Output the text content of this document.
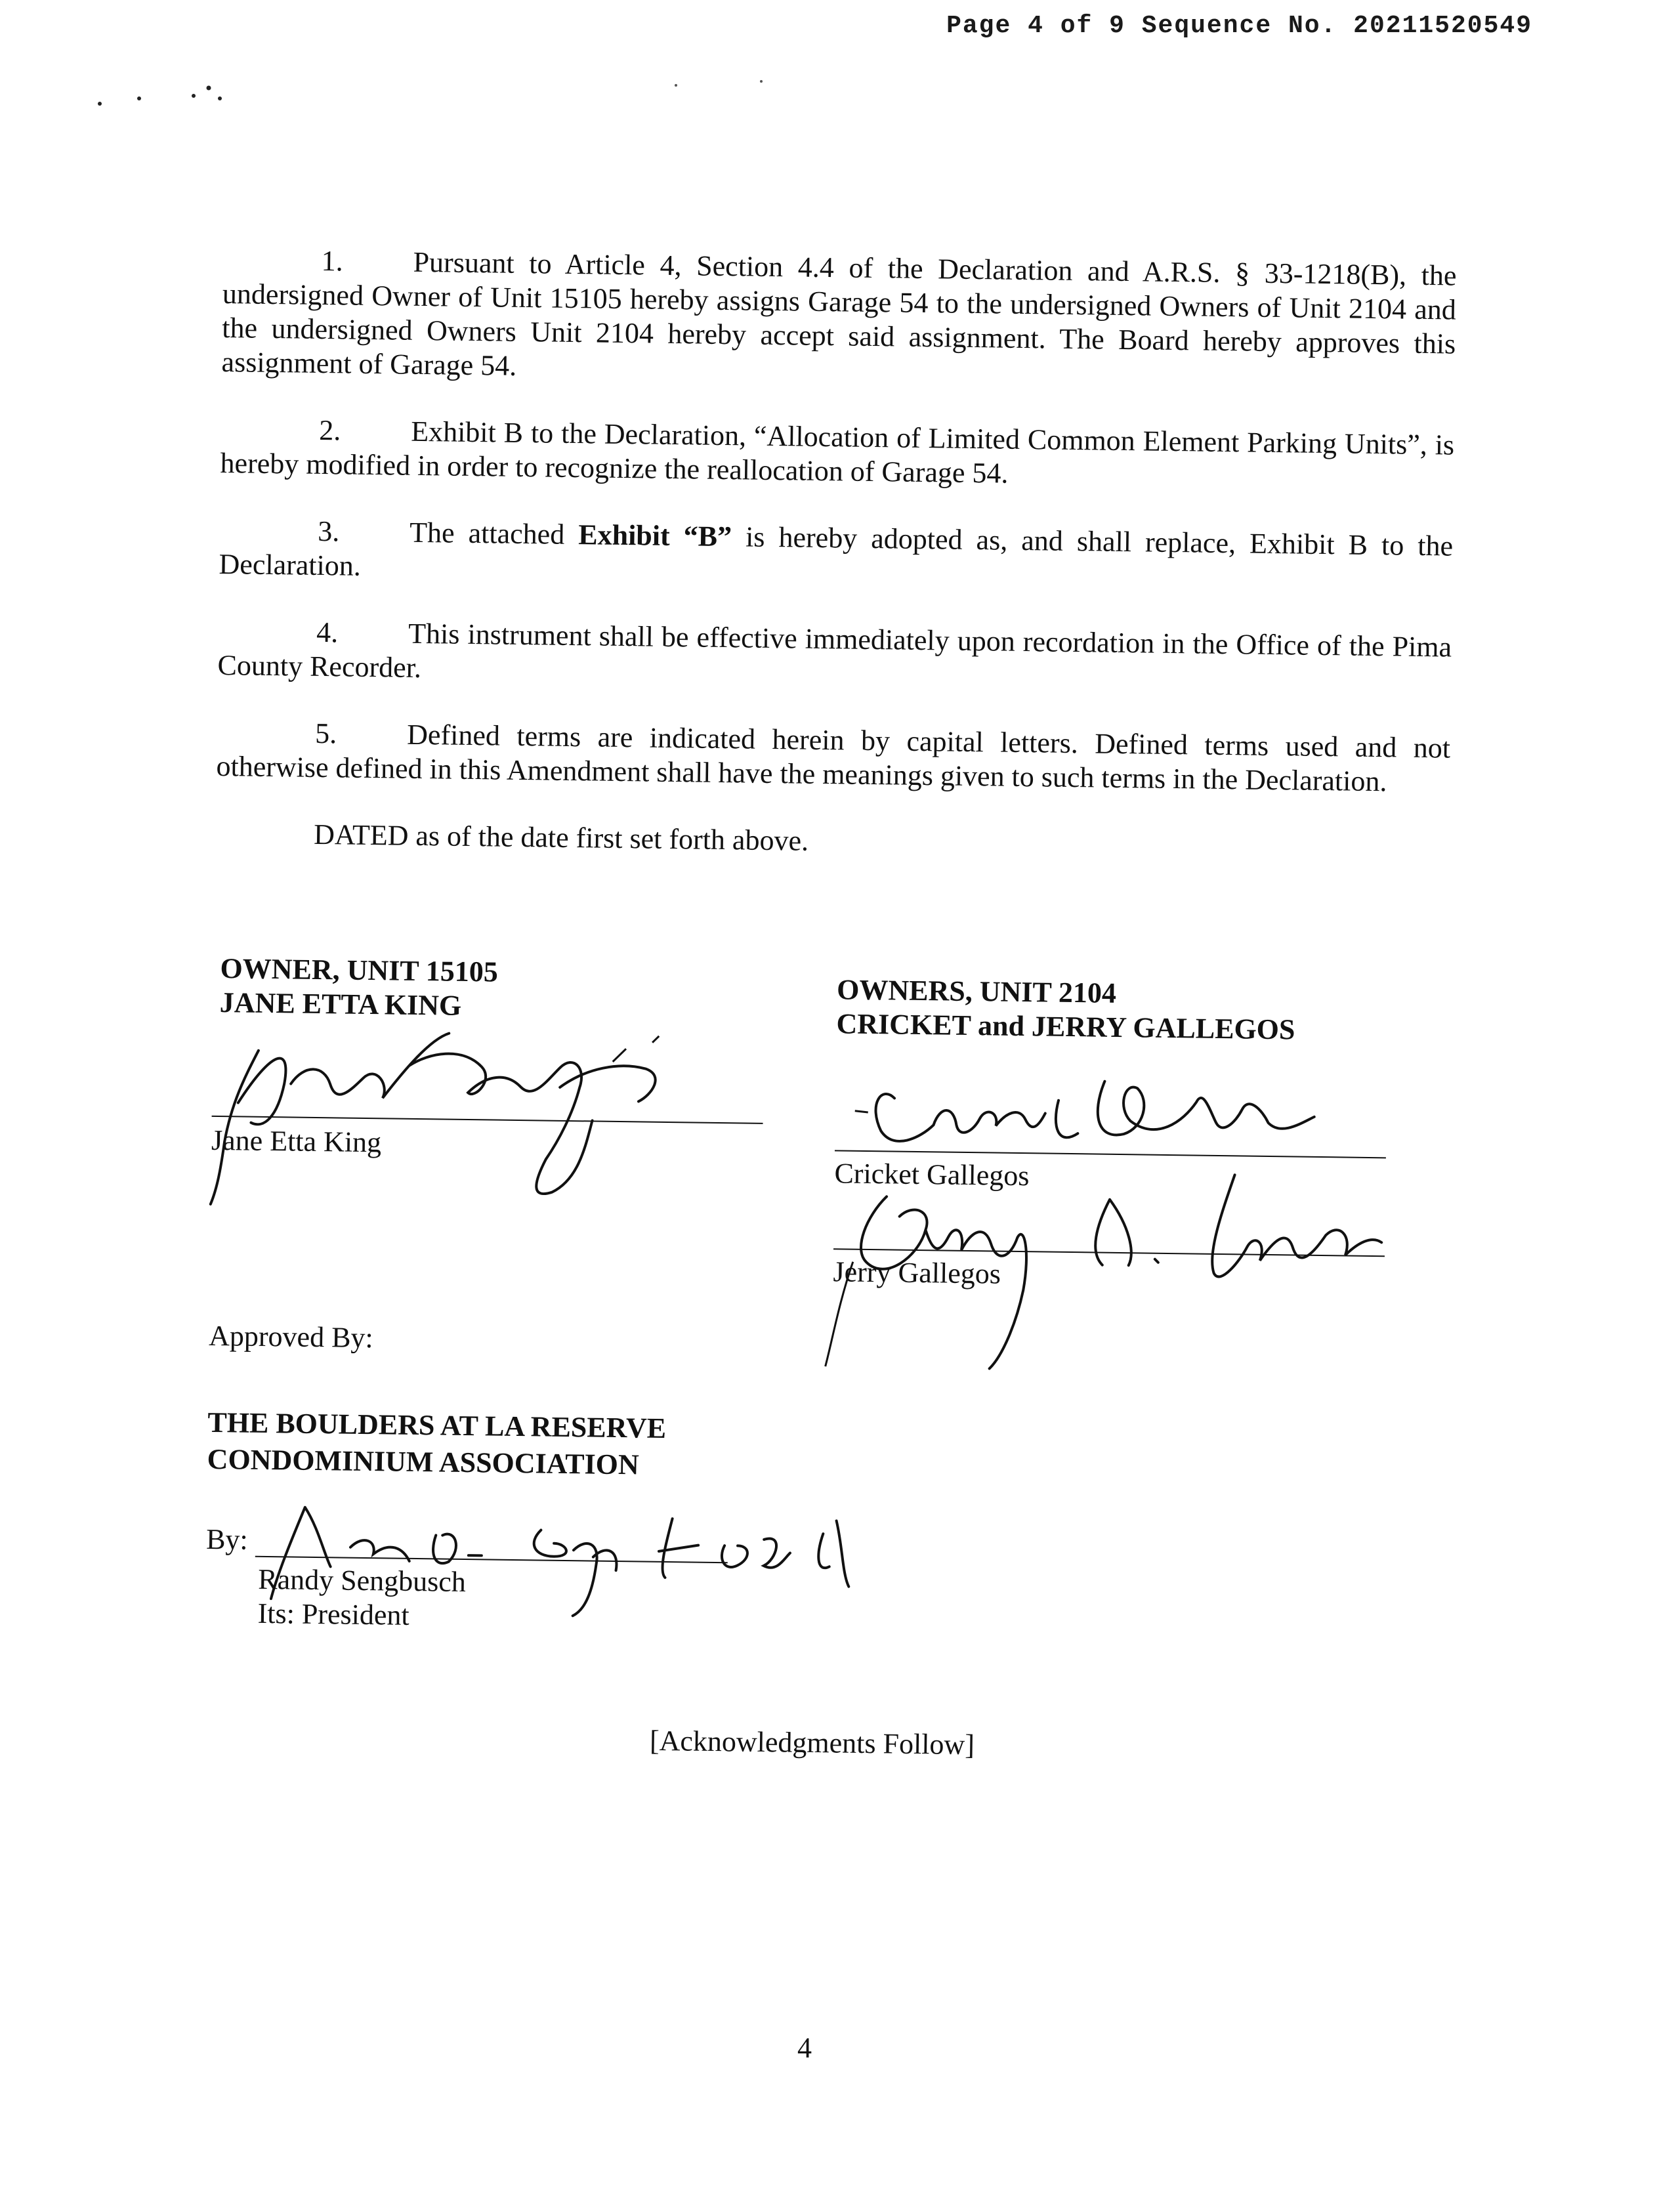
Page 4 of 9 Sequence No. 20211520549

1. Pursuant to Article 4, Section 4.4 of the Declaration and A.R.S. § 33-1218(B), the undersigned Owner of Unit 15105 hereby assigns Garage 54 to the undersigned Owners of Unit 2104 and the undersigned Owners Unit 2104 hereby accept said assignment. The Board hereby approves this assignment of Garage 54.

2. Exhibit B to the Declaration, “Allocation of Limited Common Element Parking Units”, is hereby modified in order to recognize the reallocation of Garage 54.

3. The attached Exhibit “B” is hereby adopted as, and shall replace, Exhibit B to the Declaration.

4. This instrument shall be effective immediately upon recordation in the Office of the Pima County Recorder.

5. Defined terms are indicated herein by capital letters. Defined terms used and not otherwise defined in this Amendment shall have the meanings given to such terms in the Declaration.

DATED as of the date first set forth above.
OWNER, UNIT 15105
JANE ETTA KING
Jane Etta King
OWNERS, UNIT 2104
CRICKET and JERRY GALLEGOS
Cricket Gallegos
Jerry Gallegos
Approved By:
THE BOULDERS AT LA RESERVE
CONDOMINIUM ASSOCIATION
By:
Randy Sengbusch
Its: President
[Acknowledgments Follow]
4
